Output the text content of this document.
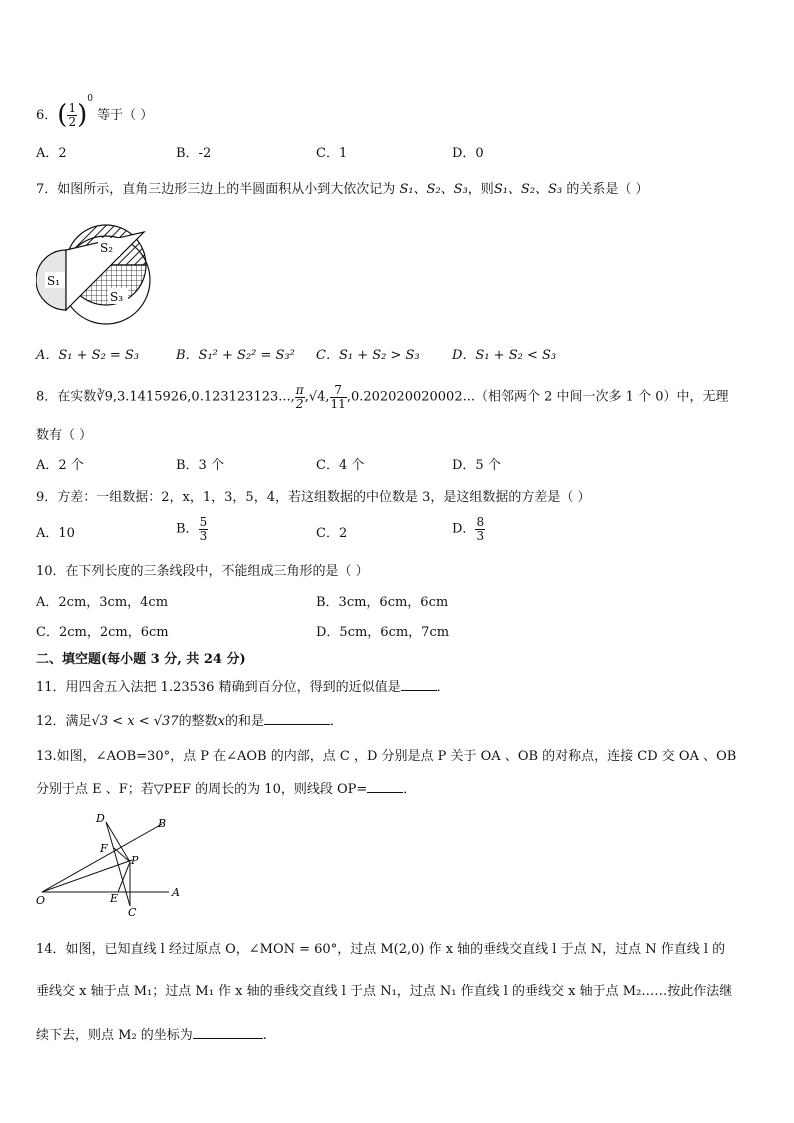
6．( $\frac{1}{2} )^0$ 等于（ ）
A．2	B．-2	C．1	D．0
7．如图所示，直角三边形三边上的半圆面积从小到大依次记为 S₁、S₂、S₃，则S₁、S₂、S₃ 的关系是（ ）
S₂
S₁
S₃
A．S₁ + S₂ = S₃	B．S₁² + S₂² = S₃² C．S₁ + S₂ > S₃ D．S₁ + S₂ < S₃
8．在实数∛9,3.1415926,0.123123123..., $\frac{\pi}{2} ,√4$, $\frac{7}{11} ,0.202020020002$...（相邻两个 2 中间一次多 1 个 0）中，无理
数有（ ）
A．2 个	B．3 个	C．4 个	D．5 个
9．方差：一组数据：2，x，1，3，5，4，若这组数据的中位数是 3，是这组数据的方差是（ ）
A．10	B． $\frac{5}{3}$	C．2	D． $\frac{8}{3}$
10．在下列长度的三条线段中，不能组成三角形的是（ ）
A．2cm，3cm，4cm	B．3cm，6cm，6cm
C．2cm，2cm，6cm	D．5cm，6cm，7cm
二、填空题(每小题 3 分, 共 24 分)
11．用四舍五入法把 1.23536 精确到百分位，得到的近似值是	．
12．满足√3 < x < √37的整数x的和是	．
13.如图，∠AOB=30°，点 P 在∠AOB 的内部，点 C ，D 分别是点 P 关于 OA 、OB 的对称点，连接 CD 交 OA 、OB
分别于点 E 、F；若▽PEF 的周长的为 10，则线段 OP=	．
D	B
F
P
O	E
C
A
14．如图，已知直线 l 经过原点 O，∠MON = 60°，过点 M(2,0) 作 x 轴的垂线交直线 l 于点 N，过点 N 作直线 l 的
垂线交 x 轴于点 M₁；过点 M₁ 作 x 轴的垂线交直线 l 于点 N₁，过点 N₁ 作直线 l 的垂线交 x 轴于点 M₂……按此作法继
续下去，则点 M₂ 的坐标为	.
